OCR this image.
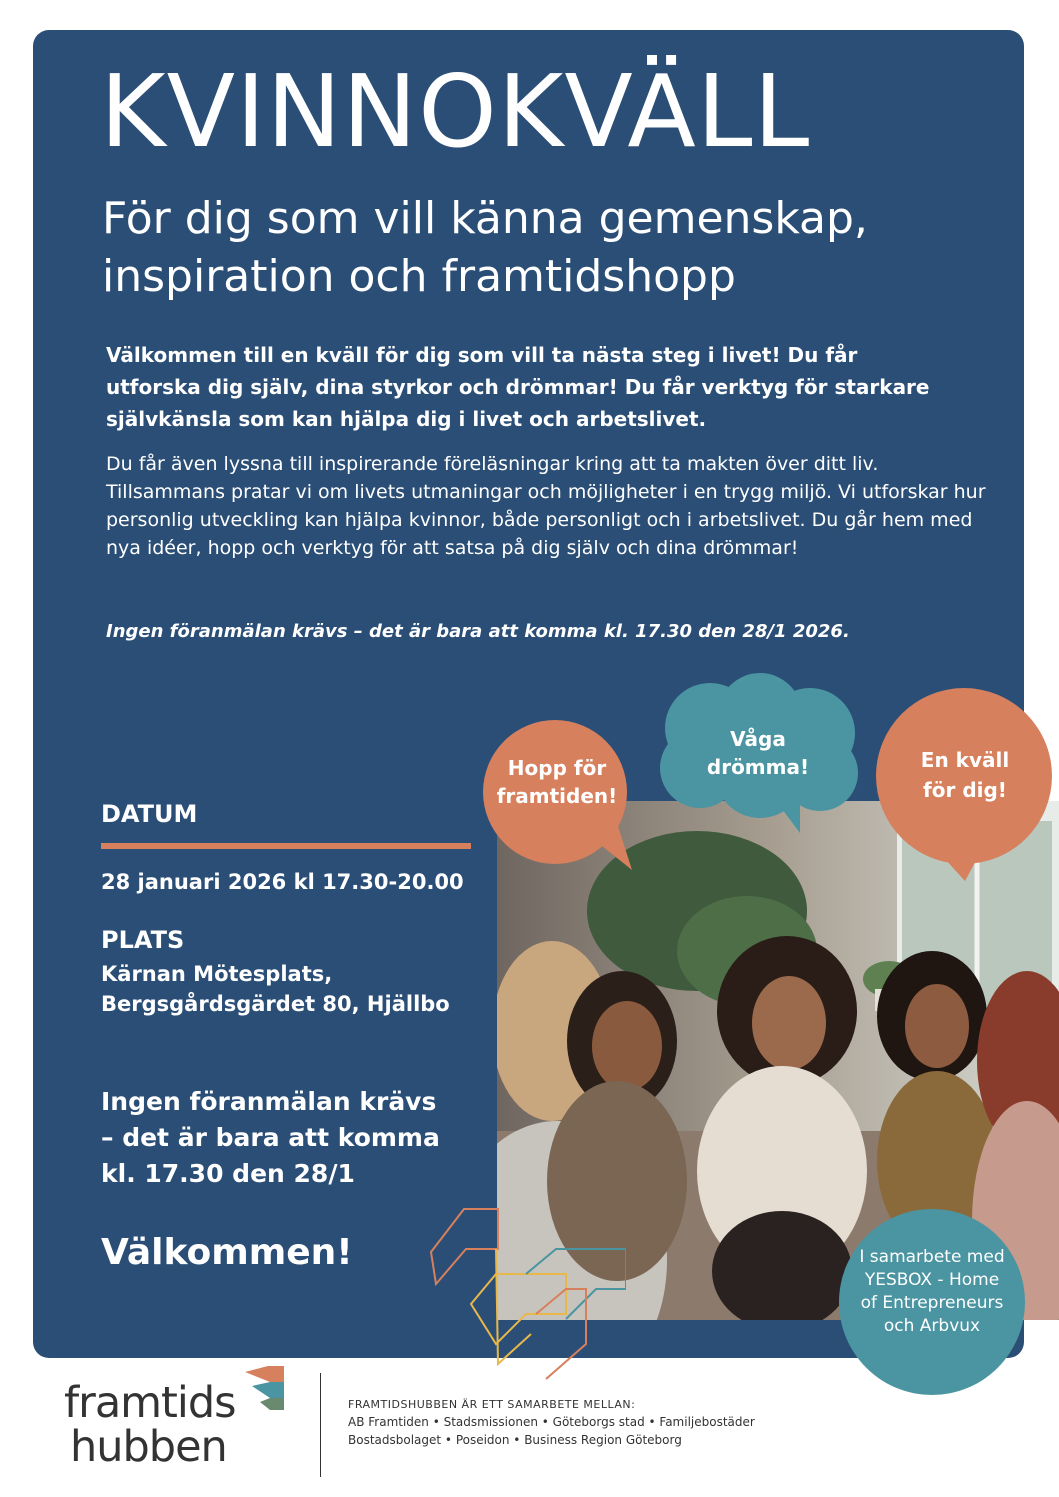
KVINNOKVÄLL
För dig som vill känna gemenskap,
inspiration och framtidshopp
Välkommen till en kväll för dig som vill ta nästa steg i livet! Du får utforska dig själv, dina styrkor och drömmar! Du får verktyg för starkare självkänsla som kan hjälpa dig i livet och arbetslivet.
Du får även lyssna till inspirerande föreläsningar kring att ta makten över ditt liv. Tillsammans pratar vi om livets utmaningar och möjligheter i en trygg miljö. Vi utforskar hur personlig utveckling kan hjälpa kvinnor, både personligt och i arbetslivet. Du går hem med nya idéer, hopp och verktyg för att satsa på dig själv och dina drömmar!
Ingen föranmälan krävs – det är bara att komma kl. 17.30 den 28/1 2026.
DATUM
28 januari 2026 kl 17.30-20.00
PLATS
Kärnan Mötesplats,
Bergsgårdsgärdet 80, Hjällbo
Ingen föranmälan krävs
– det är bara att komma
kl. 17.30 den 28/1
Välkommen!
Hopp för
framtiden!
Våga
drömma!	En kväll
för dig!
I samarbete med
YESBOX - Home
of Entrepreneurs
och Arbvux
framtids
hubben
FRAMTIDSHUBBEN ÄR ETT SAMARBETE MELLAN:
AB Framtiden • Stadsmissionen • Göteborgs stad • Familjebostäder
Bostadsbolaget • Poseidon • Business Region Göteborg
